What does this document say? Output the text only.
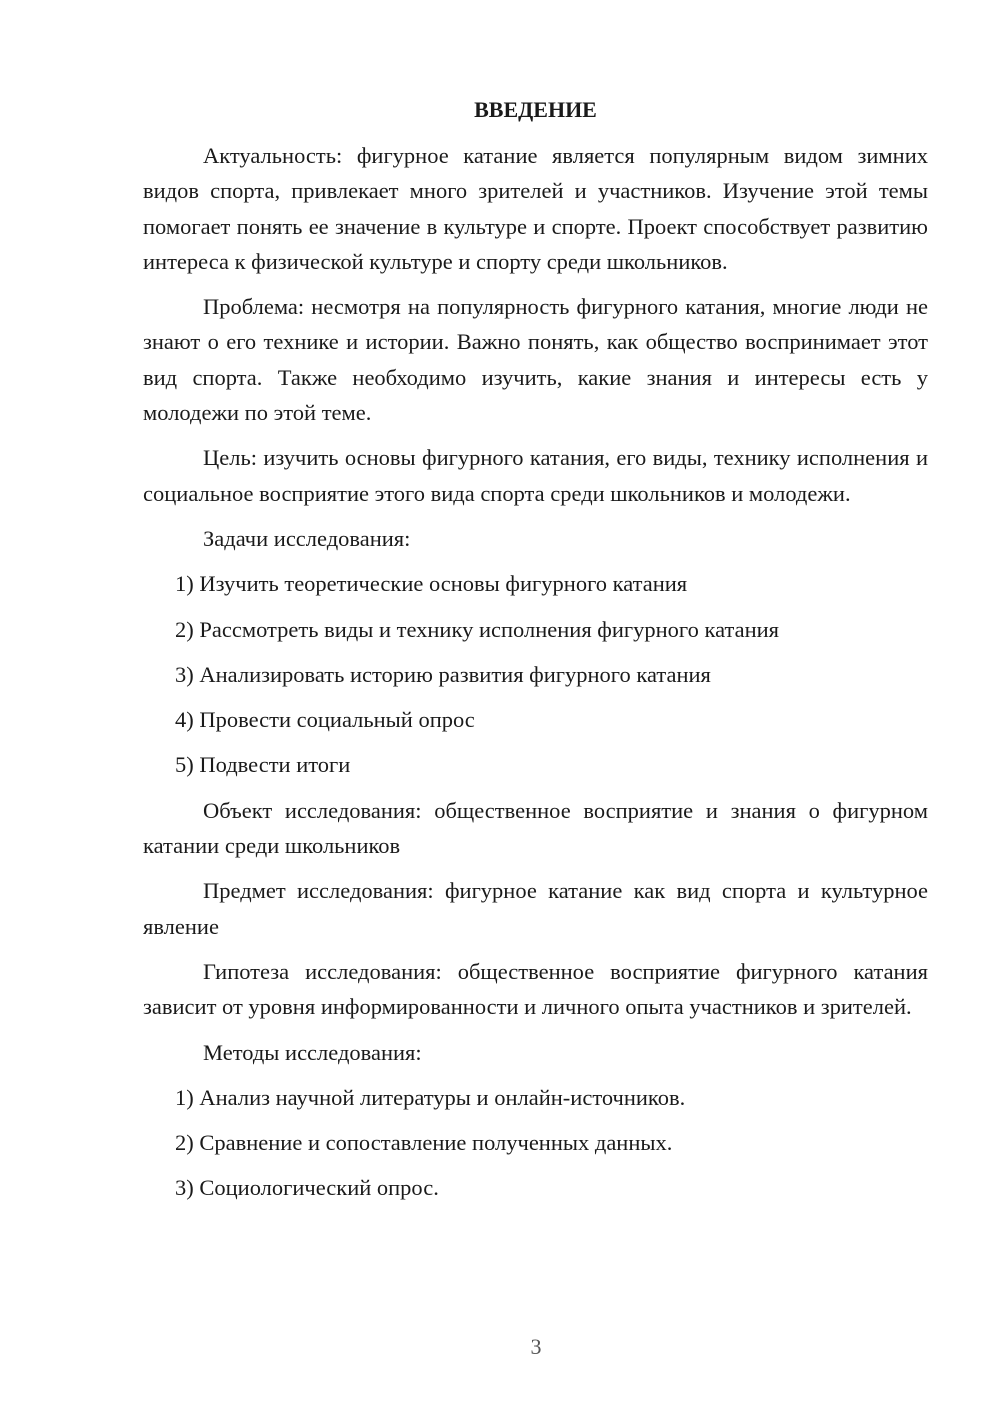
ВВЕДЕНИЕ

Актуальность: фигурное катание является популярным видом зимних видов спорта, привлекает много зрителей и участников. Изучение этой темы помогает понять ее значение в культуре и спорте. Проект способствует развитию интереса к физической культуре и спорту среди школьников.

Проблема: несмотря на популярность фигурного катания, многие люди не знают о его технике и истории. Важно понять, как общество воспринимает этот вид спорта. Также необходимо изучить, какие знания и интересы есть у молодежи по этой теме.

Цель: изучить основы фигурного катания, его виды, технику исполнения и социальное восприятие этого вида спорта среди школьников и молодежи.

Задачи исследования:

1) Изучить теоретические основы фигурного катания
2) Рассмотреть виды и технику исполнения фигурного катания
3) Анализировать историю развития фигурного катания
4) Провести социальный опрос
5) Подвести итоги

Объект исследования: общественное восприятие и знания о фигурном катании среди школьников

Предмет исследования: фигурное катание как вид спорта и культурное явление

Гипотеза исследования: общественное восприятие фигурного катания зависит от уровня информированности и личного опыта участников и зрителей.

Методы исследования:

1) Анализ научной литературы и онлайн-источников.
2) Сравнение и сопоставление полученных данных.
3) Социологический опрос.
3
